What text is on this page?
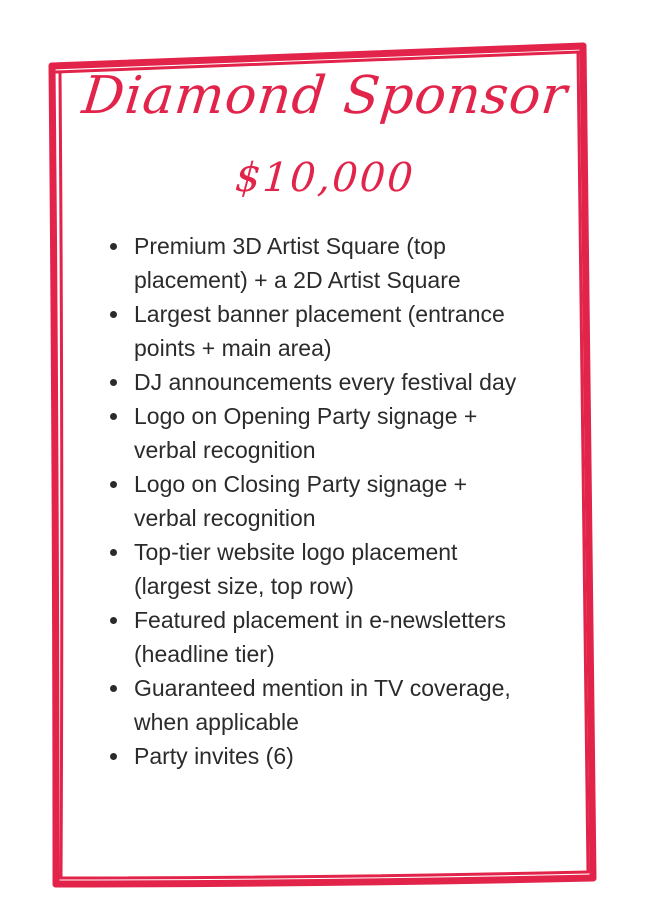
Diamond Sponsor
$10,000
Premium 3D Artist Square (top
placement) + a 2D Artist Square
Largest banner placement (entrance
points + main area)
DJ announcements every festival day
Logo on Opening Party signage +
verbal recognition
Logo on Closing Party signage +
verbal recognition
Top-tier website logo placement
(largest size, top row)
Featured placement in e-newsletters
(headline tier)
Guaranteed mention in TV coverage,
when applicable
Party invites (6)
